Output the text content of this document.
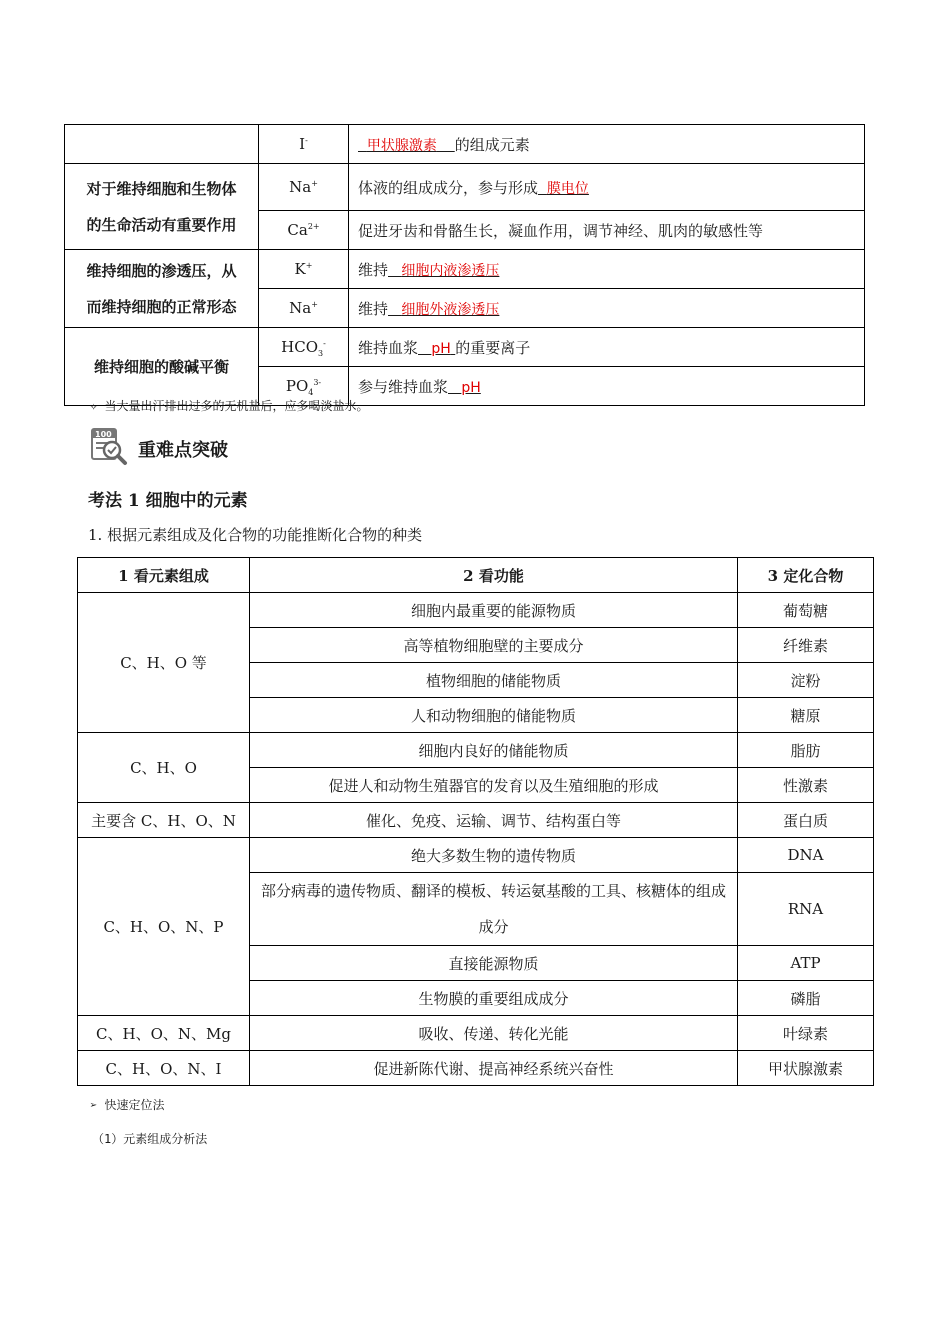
	I-	甲状腺激素 的组成元素

对于维持细胞和生物体
的生命活动有重要作用	Na+	体液的组成成分，参与形成 膜电位
	$Ca^{2+}$	促进牙齿和骨骼生长，凝血作用，调节神经、肌肉的敏感性等

维持细胞的渗透压，从
而维持细胞的正常形态	K+	维持 细胞内液渗透压
	Na+	维持 细胞外液渗透压
维持细胞的酸碱平衡	$HCO_3^-$	维持血浆 pH 的重要离子
	$PO_4^{3-}$	参与维持血浆 pH
✧ 当大量出汗排出过多的无机盐后，应多喝淡盐水。
100
重难点突破
考法 1 细胞中的元素
1. 根据元素组成及化合物的功能推断化合物的种类
1 看元素组成	2 看功能	3 定化合物
C、H、O 等	细胞内最重要的能源物质	葡萄糖
	高等植物细胞壁的主要成分	纤维素
	植物细胞的储能物质	淀粉
	人和动物细胞的储能物质	糖原
C、H、O	细胞内良好的储能物质	脂肪
	促进人和动物生殖器官的发育以及生殖细胞的形成	性激素
主要含 C、H、O、N	催化、免疫、运输、调节、结构蛋白等	蛋白质
C、H、O、N、P	绝大多数生物的遗传物质	DNA
	部分病毒的遗传物质、翻译的模板、转运氨基酸的工具、核糖体的组成成分	RNA
	直接能源物质	ATP
	生物膜的重要组成成分	磷脂
C、H、O、N、Mg	吸收、传递、转化光能	叶绿素
C、H、O、N、I	促进新陈代谢、提高神经系统兴奋性	甲状腺激素
➢ 快速定位法
（1）元素组成分析法
